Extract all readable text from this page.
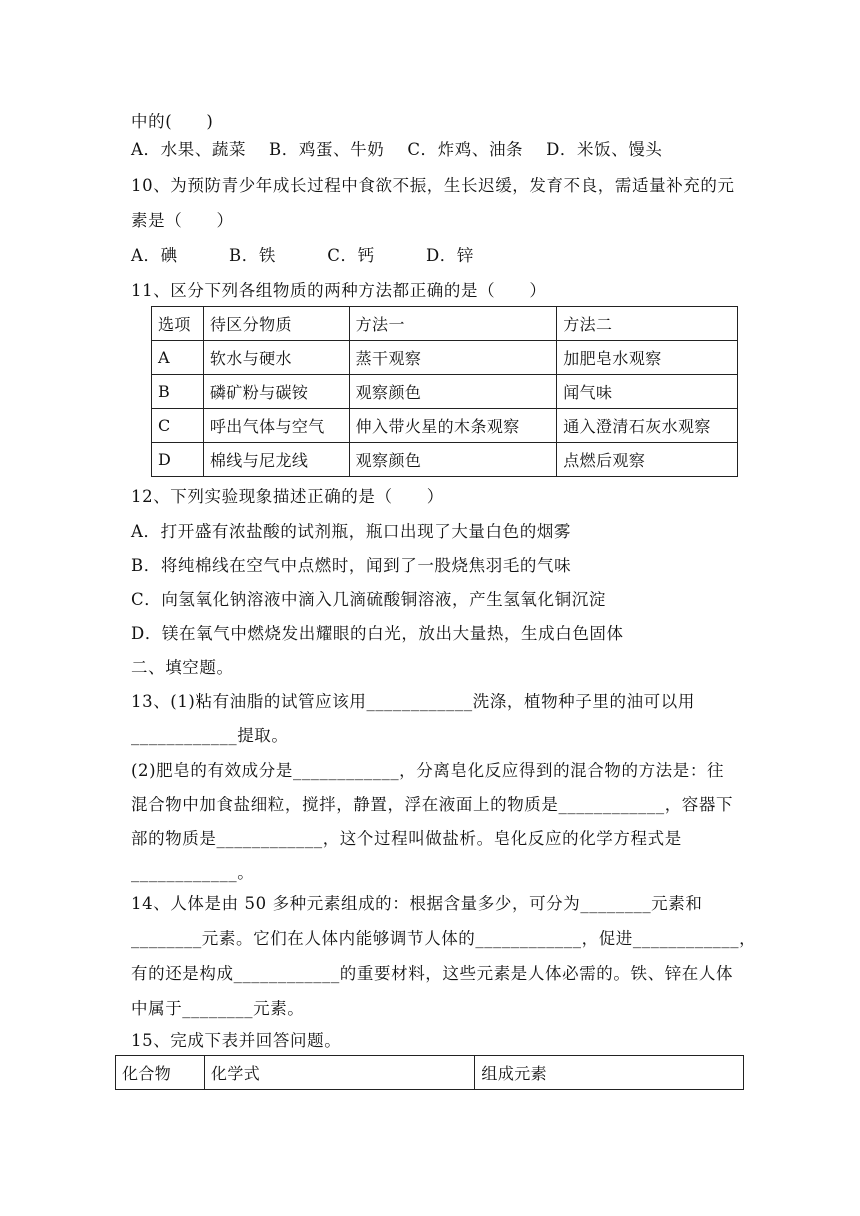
中的(　　)
A．水果、蔬菜　 B．鸡蛋、牛奶　 C．炸鸡、油条　 D．米饭、馒头
10、为预防青少年成长过程中食欲不振，生长迟缓，发育不良，需适量补充的元
素是（　　）
A．碘　　　B．铁　　　C．钙　　　D．锌
11、区分下列各组物质的两种方法都正确的是（　　）
选项	待区分物质	方法一	方法二
A	软水与硬水	蒸干观察	加肥皂水观察
B	磷矿粉与碳铵	观察颜色	闻气味
C	呼出气体与空气	伸入带火星的木条观察	通入澄清石灰水观察
D	棉线与尼龙线	观察颜色	点燃后观察
12、下列实验现象描述正确的是（　　）
A．打开盛有浓盐酸的试剂瓶，瓶口出现了大量白色的烟雾
B．将纯棉线在空气中点燃时，闻到了一股烧焦羽毛的气味
C．向氢氧化钠溶液中滴入几滴硫酸铜溶液，产生氢氧化铜沉淀
D．镁在氧气中燃烧发出耀眼的白光，放出大量热，生成白色固体
二、填空题。
13、(1)粘有油脂的试管应该用____________洗涤，植物种子里的油可以用
____________提取。
(2)肥皂的有效成分是____________，分离皂化反应得到的混合物的方法是：往
混合物中加食盐细粒，搅拌，静置，浮在液面上的物质是____________，容器下
部的物质是____________，这个过程叫做盐析。皂化反应的化学方程式是
____________。
14、人体是由 50 多种元素组成的：根据含量多少，可分为________元素和
________元素。它们在人体内能够调节人体的____________，促进____________，
有的还是构成____________的重要材料，这些元素是人体必需的。铁、锌在人体
中属于________元素。
15、完成下表并回答问题。
化合物	化学式	组成元素
